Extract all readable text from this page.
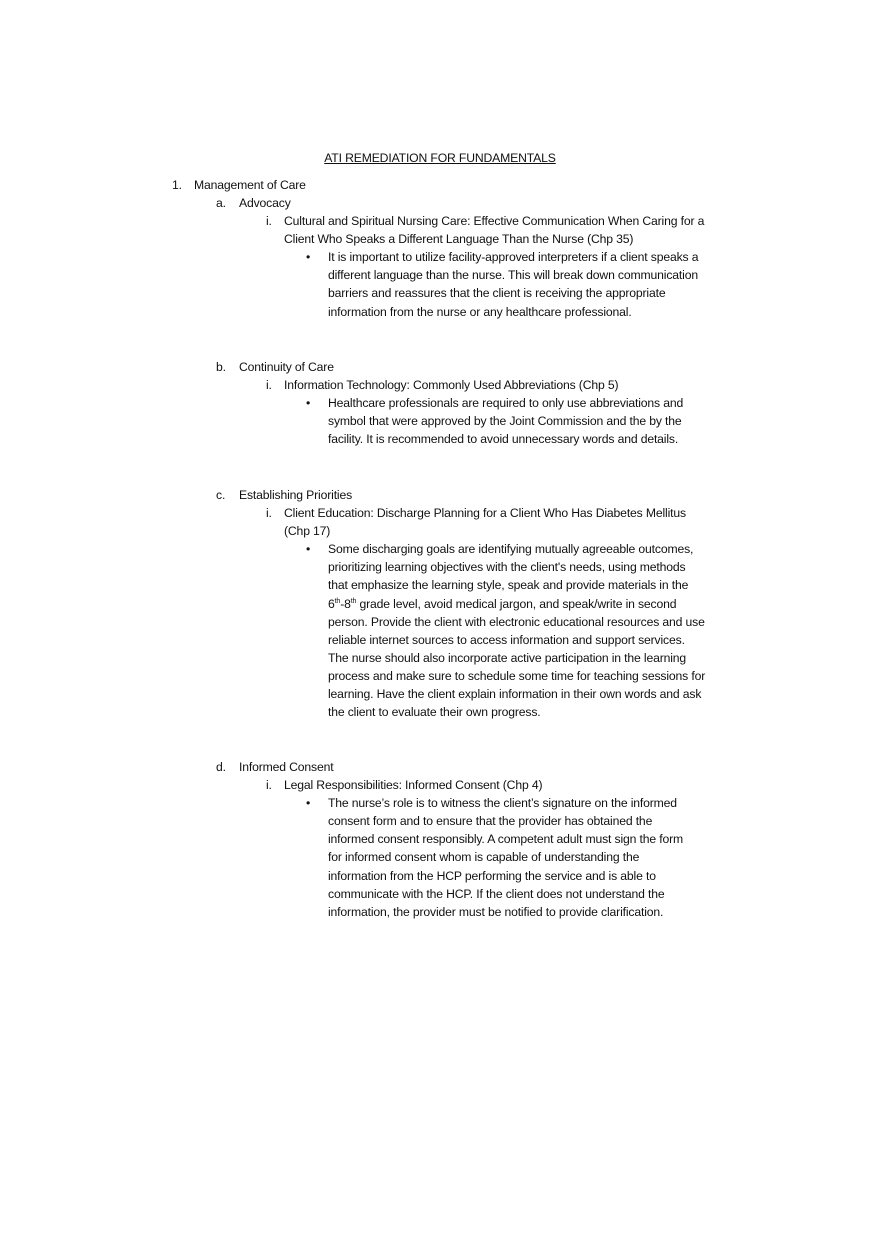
ATI REMEDIATION FOR FUNDAMENTALS
1. Management of Care
a. Advocacy
i. Cultural and Spiritual Nursing Care: Effective Communication When Caring for a
Client Who Speaks a Different Language Than the Nurse (Chp 35)
• It is important to utilize facility-approved interpreters if a client speaks a
different language than the nurse. This will break down communication
barriers and reassures that the client is receiving the appropriate
information from the nurse or any healthcare professional.
b. Continuity of Care
i. Information Technology: Commonly Used Abbreviations (Chp 5)
• Healthcare professionals are required to only use abbreviations and
symbol that were approved by the Joint Commission and the by the
facility. It is recommended to avoid unnecessary words and details.
c. Establishing Priorities
i. Client Education: Discharge Planning for a Client Who Has Diabetes Mellitus
(Chp 17)
• Some discharging goals are identifying mutually agreeable outcomes,
prioritizing learning objectives with the client's needs, using methods
that emphasize the learning style, speak and provide materials in the
6th-8th grade level, avoid medical jargon, and speak/write in second
person. Provide the client with electronic educational resources and use
reliable internet sources to access information and support services.
The nurse should also incorporate active participation in the learning
process and make sure to schedule some time for teaching sessions for
learning. Have the client explain information in their own words and ask
the client to evaluate their own progress.
d. Informed Consent
i. Legal Responsibilities: Informed Consent (Chp 4)
• The nurse’s role is to witness the client’s signature on the informed
consent form and to ensure that the provider has obtained the
informed consent responsibly. A competent adult must sign the form
for informed consent whom is capable of understanding the
information from the HCP performing the service and is able to
communicate with the HCP. If the client does not understand the
information, the provider must be notified to provide clarification.
